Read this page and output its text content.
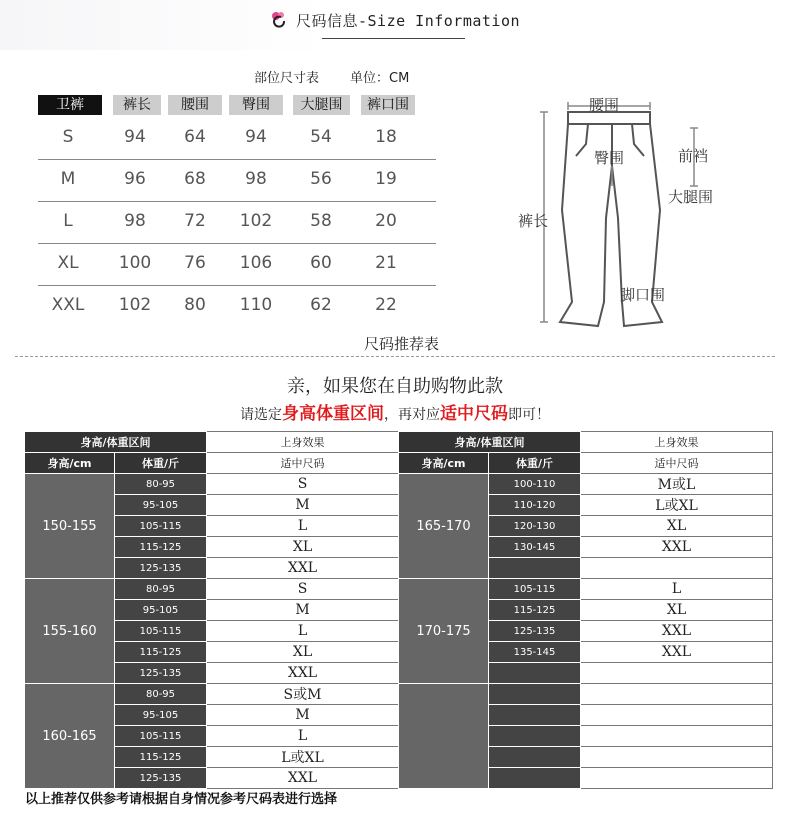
尺码信息-Size Information
部位尺寸表 单位：CM
卫裤	裤长	腰围	臀围	大腿围	裤口围
S	94	64	94	54	18
M	96	68	98	56	19
L	98	72	102	58	20
XL	100	76	106	60	21
XXL	102	80	110	62	22
腰围
臀围	前裆
大腿围
裤长
脚口围
尺码推荐表
亲，如果您在自助购物此款
请选定身高体重区间，再对应适中尺码即可！
身高/体重区间		上身效果
身高/cm	体重/斤	适中尺码
150-155	80-95	S
	95-105	M
	105-115	L
	115-125	XL
	125-135	XXL
155-160	80-95	S
	95-105	M
	105-115	L
	115-125	XL
	125-135	XXL
160-165	80-95	S或M
	95-105	M
	105-115	L
	115-125	L或XL
	125-135	XXL
身高/体重区间		上身效果
身高/cm	体重/斤	适中尺码
165-170	100-110	M或L
	110-120	L或XL
	120-130	XL
	130-145	XXL

170-175	105-115	L
	115-125	XL
	125-135	XXL
	135-145	XXL

以上推荐仅供参考请根据自身情况参考尺码表进行选择
